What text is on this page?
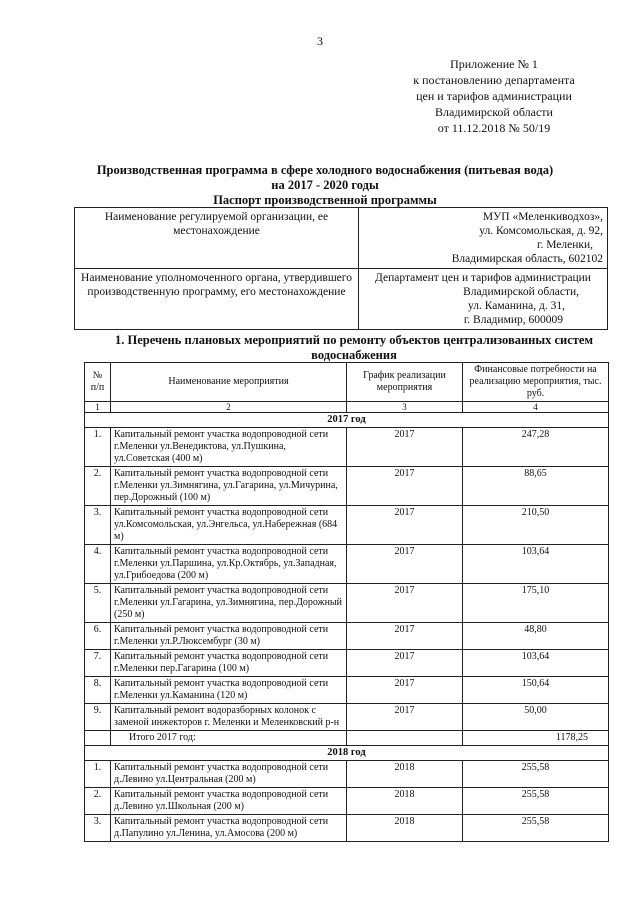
3
Приложение № 1
к постановлению департамента
цен и тарифов администрации
Владимирской области
от 11.12.2018 № 50/19
Производственная программа в сфере холодного водоснабжения (питьевая вода)
на 2017 - 2020 годы
Паспорт производственной программы
Наименование регулируемой организации, ее местонахождение	МУП «Меленкиводхоз»,
ул. Комсомольская, д. 92,
г. Меленки,
Владимирская область, 602102

Наименование уполномоченного органа, утвердившего производственную программу, его местонахождение	Департамент цен и тарифов администрации
Владимирской области,
ул. Каманина, д. 31,
г. Владимир, 600009
1. Перечень плановых мероприятий по ремонту объектов централизованных систем водоснабжения
№ п/п	Наименование мероприятия	График реализации мероприятия	Финансовые потребности на реализацию мероприятия, тыс. руб.
1	2	3	4
2017 год			
1.	Капитальный ремонт участка водопроводной сети г.Меленки ул.Венедиктова, ул.Пушкина, ул.Советская (400 м)	2017	247,28
2.	Капитальный ремонт участка водопроводной сети г.Меленки ул.Зимнягина, ул.Гагарина, ул.Мичурина, пер.Дорожный (100 м)	2017	88,65
3.	Капитальный ремонт участка водопроводной сети ул.Комсомольская, ул.Энгельса, ул.Набережная (684 м)	2017	210,50
4.	Капитальный ремонт участка водопроводной сети г.Меленки ул.Паршина, ул.Кр.Октябрь, ул.Западная, ул.Грибоедова (200 м)	2017	103,64
5.	Капитальный ремонт участка водопроводной сети г.Меленки ул.Гагарина, ул.Зимнягина, пер.Дорожный (250 м)	2017	175,10
6.	Капитальный ремонт участка водопроводной сети г.Меленки ул.Р.Люксембург (30 м)	2017	48,80
7.	Капитальный ремонт участка водопроводной сети г.Меленки пер.Гагарина (100 м)	2017	103,64
8.	Капитальный ремонт участка водопроводной сети г.Меленки ул.Каманина (120 м)	2017	150,64
9.	Капитальный ремонт водоразборных колонок с заменой инжекторов г. Меленки и Меленковский р-н	2017	50,00
	Итого 2017 год:		1178,25
2018 год			
1.	Капитальный ремонт участка водопроводной сети д.Левино ул.Центральная (200 м)	2018	255,58
2.	Капитальный ремонт участка водопроводной сети д.Левино ул.Школьная (200 м)	2018	255,58
3.	Капитальный ремонт участка водопроводной сети д.Папулино ул.Ленина, ул.Амосова (200 м)	2018	255,58
